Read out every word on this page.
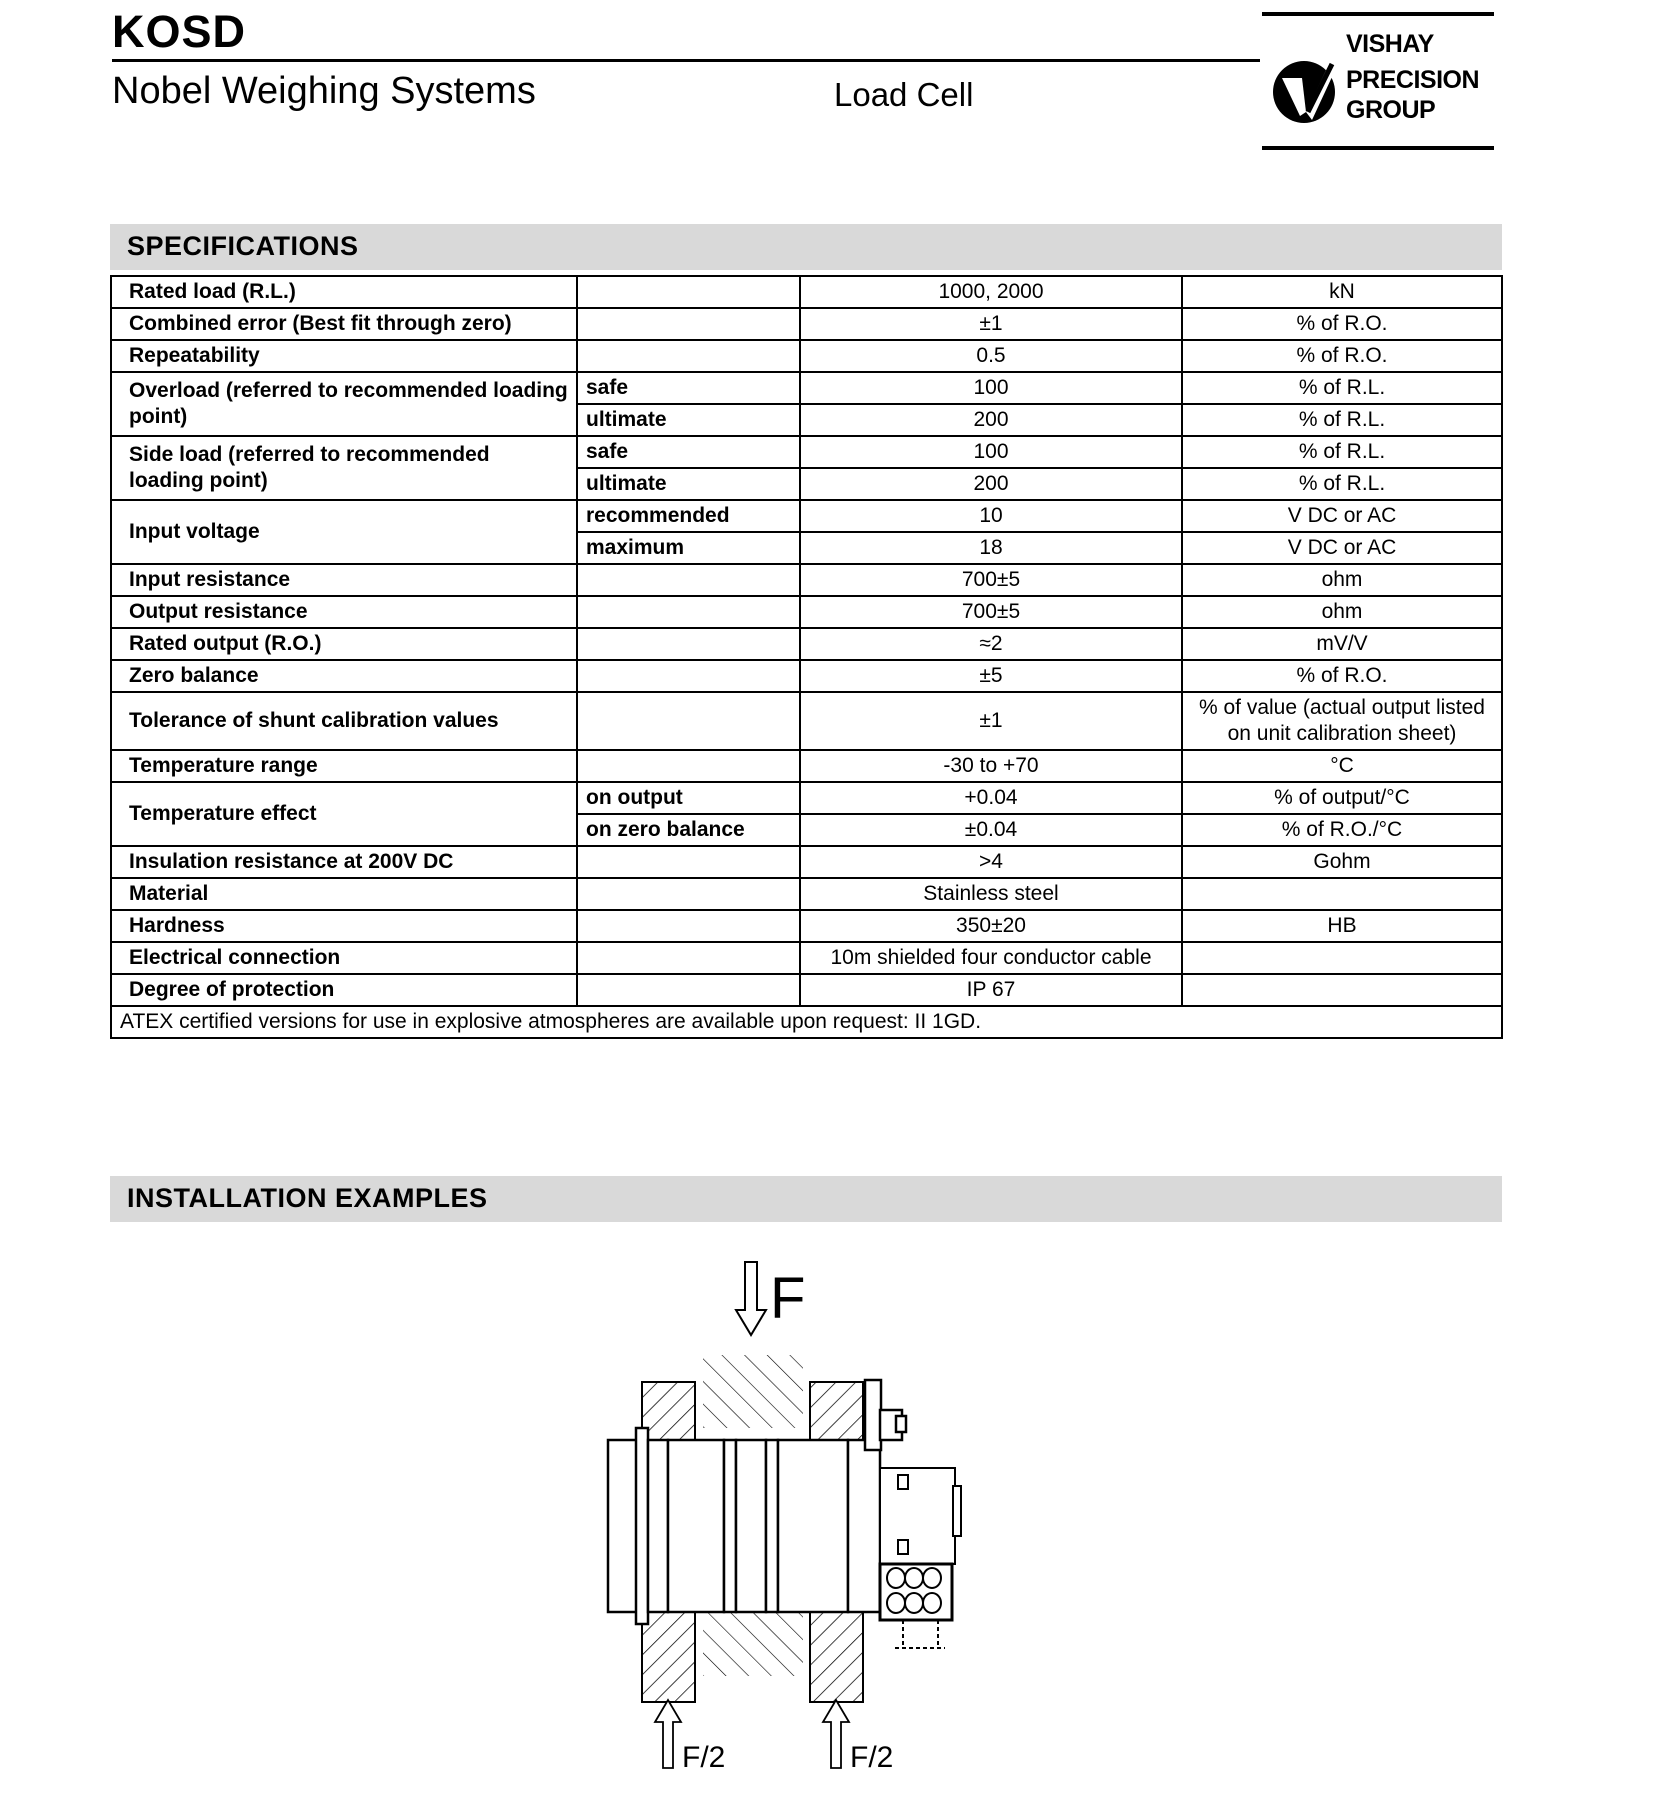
KOSD
Nobel Weighing Systems	Load Cell
VISHAY
PRECISION
GROUP
SPECIFICATIONS
Rated load (R.L.)		1000, 2000	kN
Combined error (Best fit through zero)		±1	% of R.O.
Repeatability		0.5	% of R.O.
Overload (referred to recommended loading point)	safe	100	% of R.L.
	ultimate	200	% of R.L.
Side load (referred to recommended loading point)	safe	100	% of R.L.
	ultimate	200	% of R.L.
Input voltage	recommended	10	V DC or AC
	maximum	18	V DC or AC
Input resistance		700±5	ohm
Output resistance		700±5	ohm
Rated output (R.O.)		≈2	mV/V
Zero balance		±5	% of R.O.
Tolerance of shunt calibration values		±1	% of value (actual output listed on unit calibration sheet)
Temperature range		-30 to +70	°C
Temperature effect	on output	+0.04	% of output/°C
	on zero balance	±0.04	% of R.O./°C
Insulation resistance at 200V DC		>4	Gohm
Material		Stainless steel	
Hardness		350±20	HB
Electrical connection		10m shielded four conductor cable	
Degree of protection		IP 67	
ATEX certified versions for use in explosive atmospheres are available upon request: II 1GD.			
INSTALLATION EXAMPLES
F
F/2	F/2
